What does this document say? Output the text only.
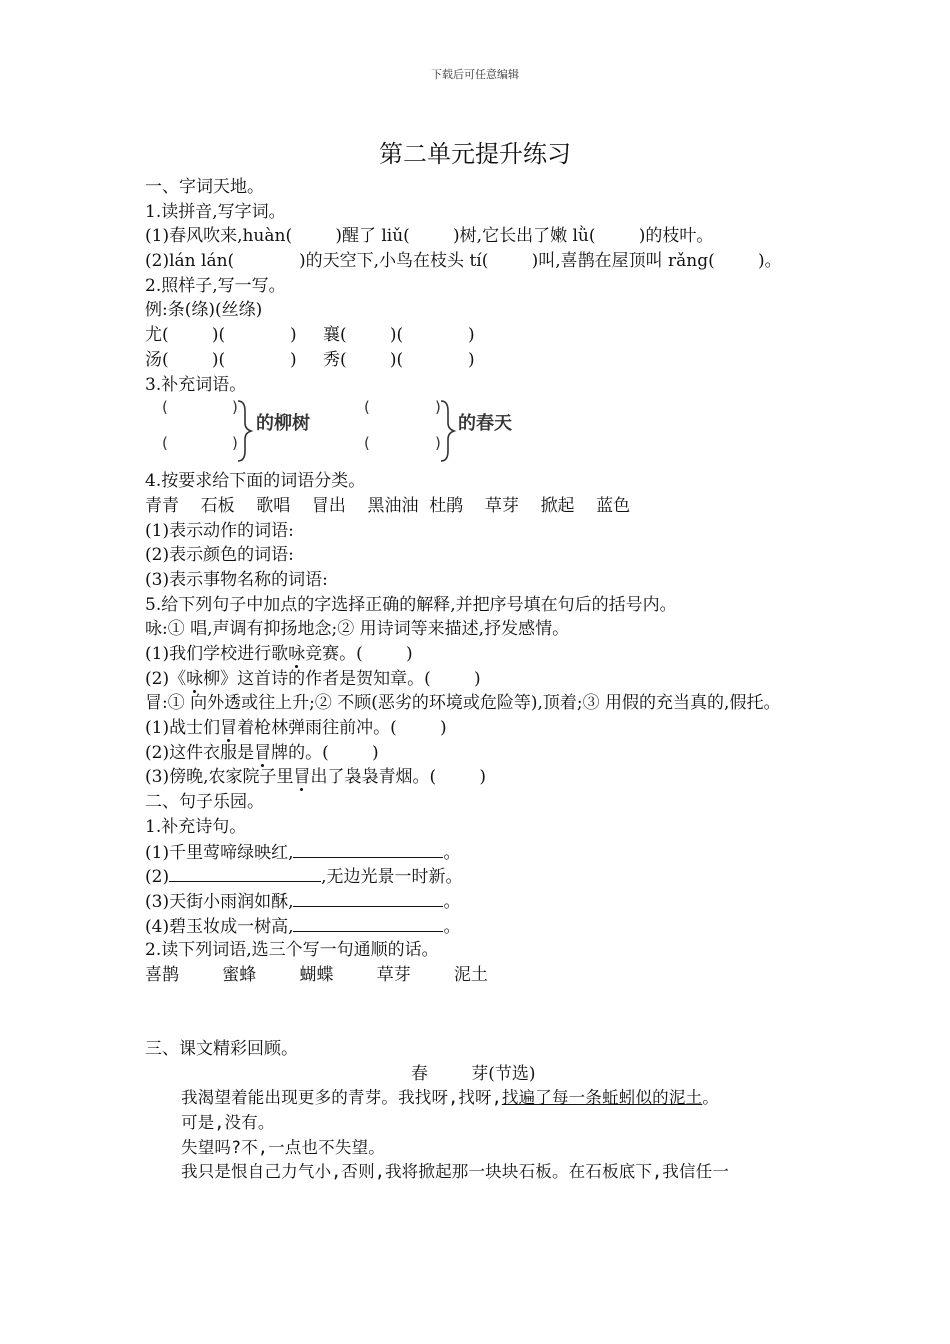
下载后可任意编辑
第二单元提升练习
一、字词天地。
1.读拼音,写字词。
(1)春风吹来,huàn(        )醒了 liǔ(        )树,它长出了嫩 lǜ(        )的枝叶。
(2)lán lán(            )的天空下,小鸟在枝头 tí(        )叫,喜鹊在屋顶叫 rǎng(        )。
2.照样子,写一写。
例:条(绦)(丝绦)
尤(        )(            ) 襄(        )(            )
汤(        )(            ) 秀(        )(            )
3.补充词语。
(	)
(	)
的柳树
(	)
(	)
的春天
4.按要求给下面的词语分类。
青青    石板    歌唱    冒出    黑油油  杜鹃    草芽    掀起    蓝色
(1)表示动作的词语:
(2)表示颜色的词语:
(3)表示事物名称的词语:
5.给下列句子中加点的字选择正确的解释,并把序号填在句后的括号内。
咏:① 唱,声调有抑扬地念;② 用诗词等来描述,抒发感情。
(1)我们学校进行歌咏竞赛。(        )
(2)《咏柳》这首诗的作者是贺知章。(        )
冒:① 向外透或往上升;② 不顾(恶劣的环境或危险等),顶着;③ 用假的充当真的,假托。
(1)战士们冒着枪林弹雨往前冲。(        )
(2)这件衣服是冒牌的。(        )
(3)傍晚,农家院子里冒出了袅袅青烟。(        )
二、句子乐园。
1.补充诗句。
(1)千里莺啼绿映红,	。
(2)	,无边光景一时新。
(3)天街小雨润如酥,	。
(4)碧玉妆成一树高,	。
2.读下列词语,选三个写一句通顺的话。
喜鹊        蜜蜂        蝴蝶        草芽        泥土
三、课文精彩回顾。
春        芽(节选)
我渴望着能出现更多的青芽。我找呀,找呀,找遍了每一条蚯蚓似的泥土。
可是,没有。
失望吗?不,一点也不失望。
我只是恨自己力气小,否则,我将掀起那一块块石板。在石板底下,我信任一
